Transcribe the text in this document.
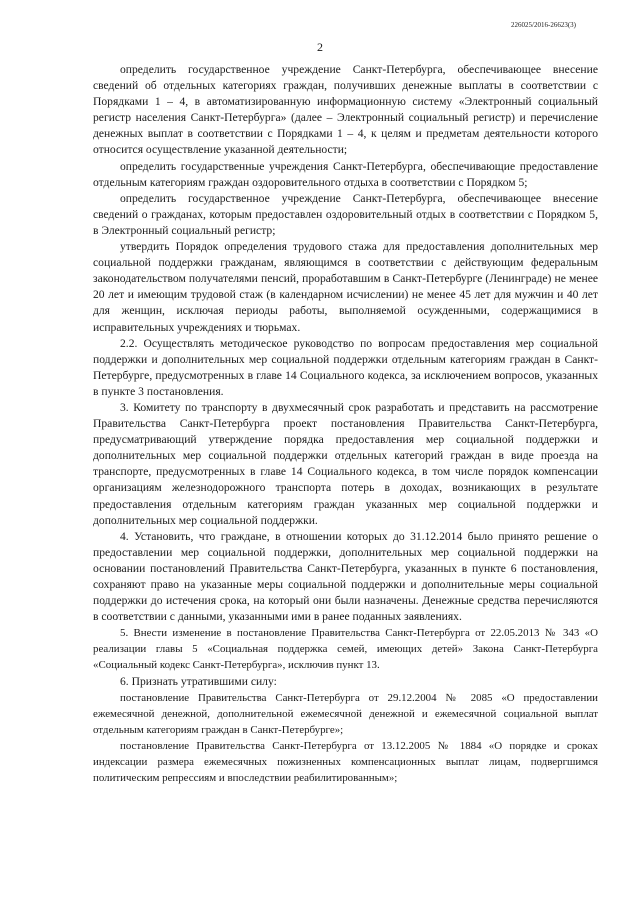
226025/2016-26623(3)
2

определить государственное учреждение Санкт-Петербурга, обеспечивающее внесение сведений об отдельных категориях граждан, получивших денежные выплаты в соответствии с Порядками 1 – 4, в автоматизированную информационную систему «Электронный социальный регистр населения Санкт-Петербурга» (далее – Электронный социальный регистр) и перечисление денежных выплат в соответствии с Порядками 1 – 4, к целям и предметам деятельности которого относится осуществление указанной деятельности;

определить государственные учреждения Санкт-Петербурга, обеспечивающие предоставление отдельным категориям граждан оздоровительного отдыха в соответствии с Порядком 5;

определить государственное учреждение Санкт-Петербурга, обеспечивающее внесение сведений о гражданах, которым предоставлен оздоровительный отдых в соответствии с Порядком 5, в Электронный социальный регистр;

утвердить Порядок определения трудового стажа для предоставления дополнительных мер социальной поддержки гражданам, являющимся в соответствии с действующим федеральным законодательством получателями пенсий, проработавшим в Санкт-Петербурге (Ленинграде) не менее 20 лет и имеющим трудовой стаж (в календарном исчислении) не менее 45 лет для мужчин и 40 лет для женщин, исключая периоды работы, выполняемой осужденными, содержащимися в исправительных учреждениях и тюрьмах.

2.2. Осуществлять методическое руководство по вопросам предоставления мер социальной поддержки и дополнительных мер социальной поддержки отдельным категориям граждан в Санкт-Петербурге, предусмотренных в главе 14 Социального кодекса, за исключением вопросов, указанных в пункте 3 постановления.

3. Комитету по транспорту в двухмесячный срок разработать и представить на рассмотрение Правительства Санкт-Петербурга проект постановления Правительства Санкт-Петербурга, предусматривающий утверждение порядка предоставления мер социальной поддержки и дополнительных мер социальной поддержки отдельных категорий граждан в виде проезда на транспорте, предусмотренных в главе 14 Социального кодекса, в том числе порядок компенсации организациям железнодорожного транспорта потерь в доходах, возникающих в результате предоставления отдельным категориям граждан указанных мер социальной поддержки и дополнительных мер социальной поддержки.

4. Установить, что граждане, в отношении которых до 31.12.2014 было принято решение о предоставлении мер социальной поддержки, дополнительных мер социальной поддержки на основании постановлений Правительства Санкт-Петербурга, указанных в пункте 6 постановления, сохраняют право на указанные меры социальной поддержки и дополнительные меры социальной поддержки до истечения срока, на который они были назначены. Денежные средства перечисляются в соответствии с данными, указанными ими в ранее поданных заявлениях.

5. Внести изменение в постановление Правительства Санкт-Петербурга от 22.05.2013 № 343 «О реализации главы 5 «Социальная поддержка семей, имеющих детей» Закона Санкт-Петербурга «Социальный кодекс Санкт-Петербурга», исключив пункт 13.

6. Признать утратившими силу:

постановление Правительства Санкт-Петербурга от 29.12.2004 № 2085 «О предоставлении ежемесячной денежной, дополнительной ежемесячной денежной и ежемесячной социальной выплат отдельным категориям граждан в Санкт-Петербурге»;

постановление Правительства Санкт-Петербурга от 13.12.2005 № 1884 «О порядке и сроках индексации размера ежемесячных пожизненных компенсационных выплат лицам, подвергшимся политическим репрессиям и впоследствии реабилитированным»;
